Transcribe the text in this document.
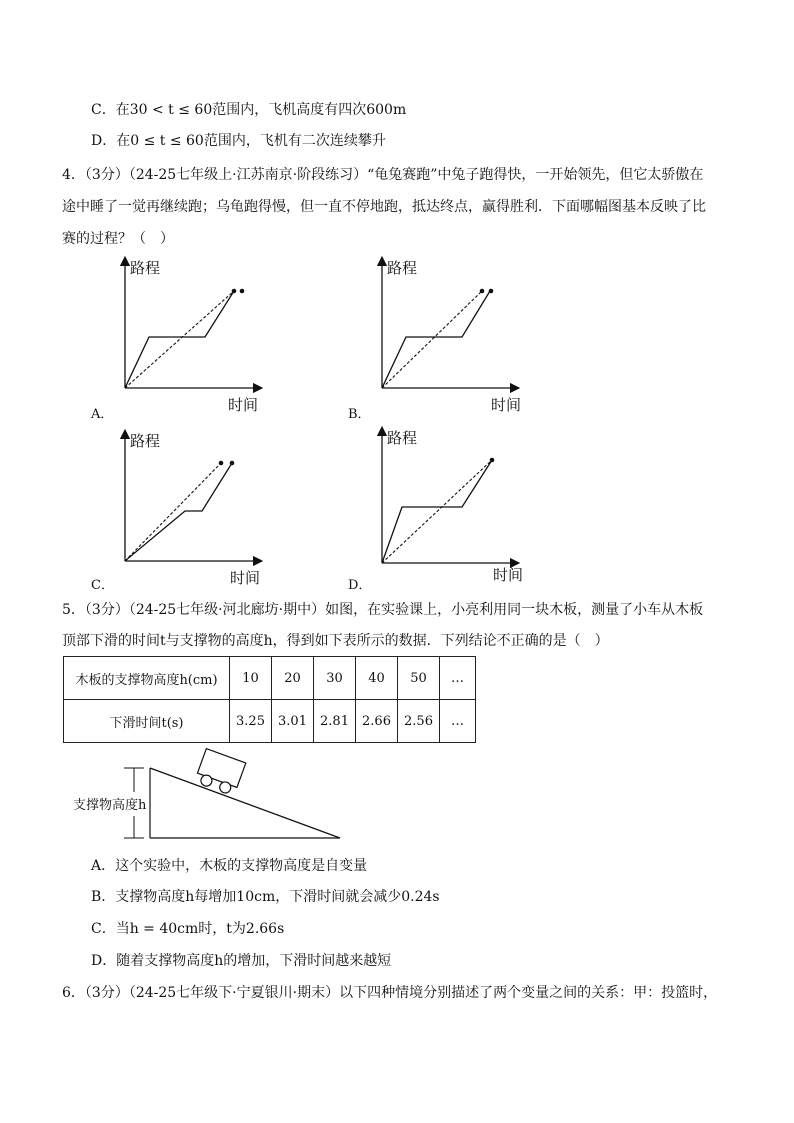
C．在30 < t ≤ 60范围内，飞机高度有四次600m
D．在0 ≤ t ≤ 60范围内，飞机有二次连续攀升
4．（3分）（24-25七年级上·江苏南京·阶段练习）“龟兔赛跑”中兔子跑得快，一开始领先，但它太骄傲在
途中睡了一觉再继续跑；乌龟跑得慢，但一直不停地跑，抵达终点，赢得胜利．下面哪幅图基本反映了比
赛的过程？（　）
路程
时间
A．
路程
时间
B．
路程
时间
C．
路程
时间
D．
5．（3分）（24-25七年级·河北廊坊·期中）如图，在实验课上，小亮利用同一块木板，测量了小车从木板
顶部下滑的时间t与支撑物的高度h，得到如下表所示的数据．下列结论不正确的是（　）
木板的支撑物高度h(cm)	10	20	30	40	50	…
下滑时间t(s)	3.25	3.01	2.81	2.66	2.56	…
支撑物高度h
A．这个实验中，木板的支撑物高度是自变量
B．支撑物高度h每增加10cm，下滑时间就会减少0.24s
C．当h = 40cm时，t为2.66s
D．随着支撑物高度h的增加，下滑时间越来越短
6．（3分）（24-25七年级下·宁夏银川·期末）以下四种情境分别描述了两个变量之间的关系：甲：投篮时，
